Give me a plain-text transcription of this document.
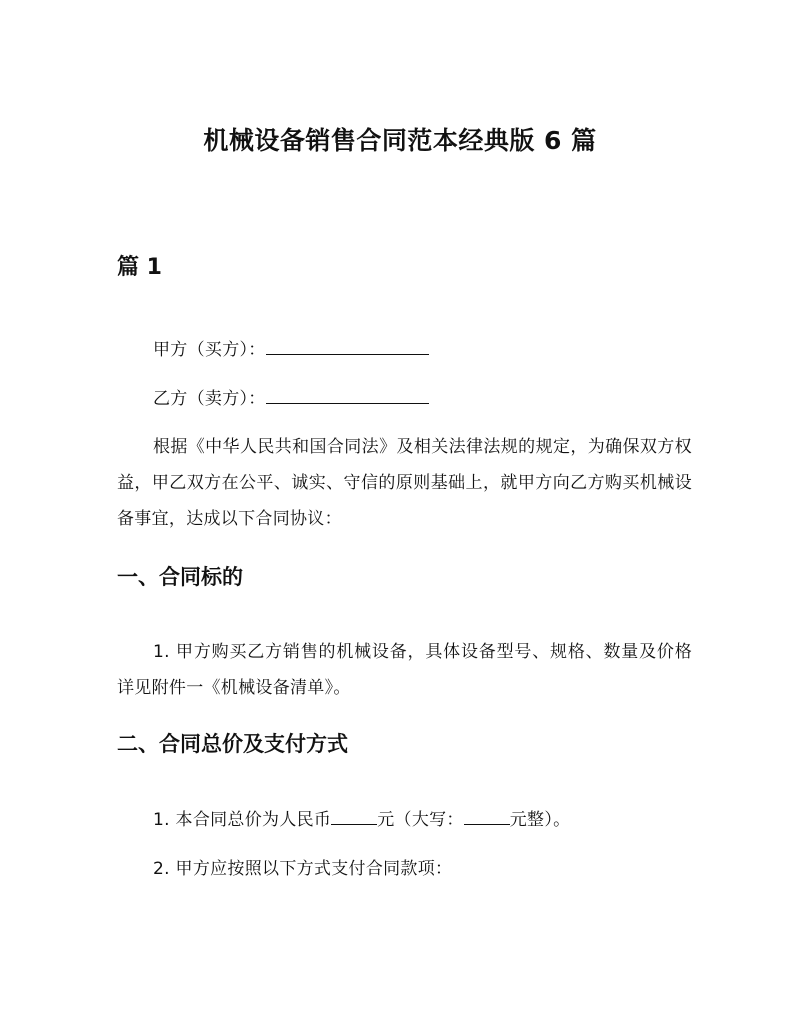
机械设备销售合同范本经典版 6 篇
篇 1
甲方（买方）：
乙方（卖方）：
根据《中华人民共和国合同法》及相关法律法规的规定，为确保双方权益，甲乙双方在公平、诚实、守信的原则基础上，就甲方向乙方购买机械设备事宜，达成以下合同协议：
一、合同标的
1. 甲方购买乙方销售的机械设备，具体设备型号、规格、数量及价格详见附件一《机械设备清单》。
二、合同总价及支付方式
1. 本合同总价为人民币	元（大写：	元整）。
2. 甲方应按照以下方式支付合同款项：
